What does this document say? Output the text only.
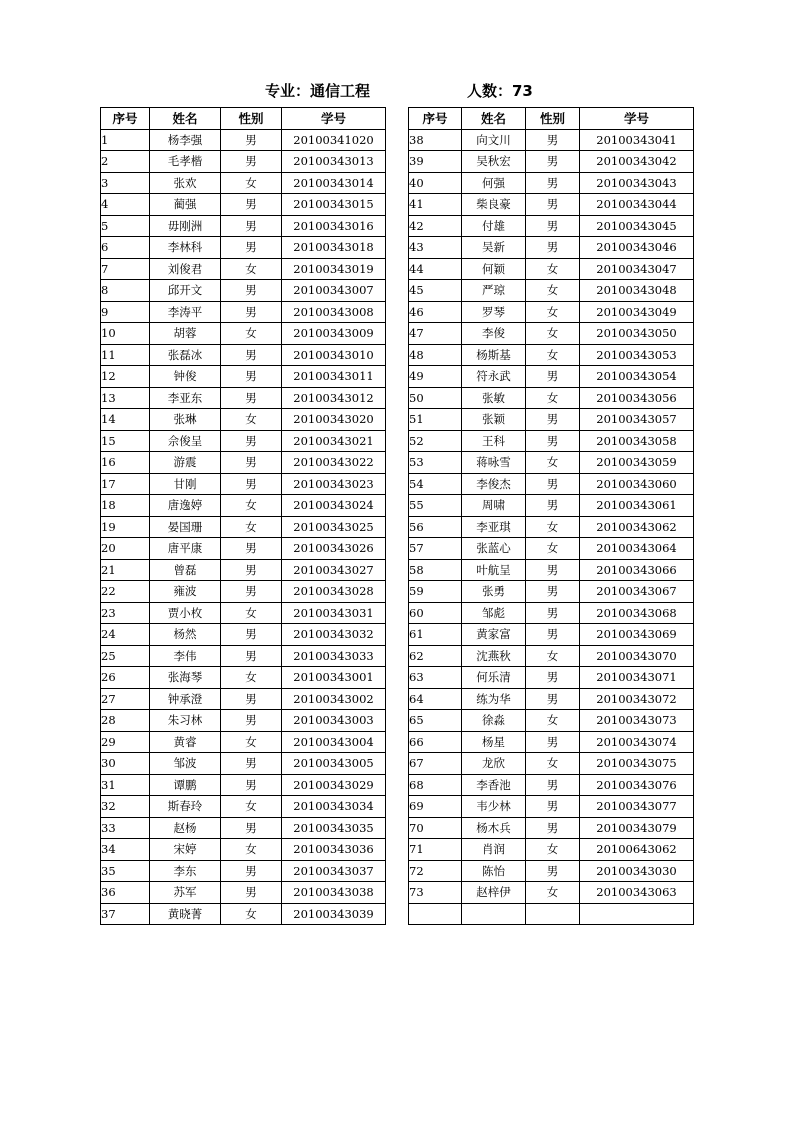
专业：通信工程	人数：73
序号	姓名	性别	学号
1	杨李强	男	20100341020
2	毛孝楷	男	20100343013
3	张欢	女	20100343014
4	蔺强	男	20100343015
5	毋刚洲	男	20100343016
6	李林科	男	20100343018
7	刘俊君	女	20100343019
8	邱开文	男	20100343007
9	李涛平	男	20100343008
10	胡蓉	女	20100343009
11	张磊冰	男	20100343010
12	钟俊	男	20100343011
13	李亚东	男	20100343012
14	张琳	女	20100343020
15	佘俊呈	男	20100343021
16	游震	男	20100343022
17	甘刚	男	20100343023
18	唐逸婷	女	20100343024
19	晏国珊	女	20100343025
20	唐平康	男	20100343026
21	曾磊	男	20100343027
22	雍波	男	20100343028
23	贾小枚	女	20100343031
24	杨然	男	20100343032
25	李伟	男	20100343033
26	张海琴	女	20100343001
27	钟承澄	男	20100343002
28	朱习林	男	20100343003
29	黄睿	女	20100343004
30	邹波	男	20100343005
31	谭鹏	男	20100343029
32	斯春玲	女	20100343034
33	赵杨	男	20100343035
34	宋婷	女	20100343036
35	李东	男	20100343037
36	苏军	男	20100343038
37	黄晓菁	女	20100343039
序号	姓名	性别	学号
38	向文川	男	20100343041
39	吴秋宏	男	20100343042
40	何强	男	20100343043
41	柴良豪	男	20100343044
42	付雄	男	20100343045
43	吴新	男	20100343046
44	何颖	女	20100343047
45	严琼	女	20100343048
46	罗琴	女	20100343049
47	李俊	女	20100343050
48	杨斯基	女	20100343053
49	符永武	男	20100343054
50	张敏	女	20100343056
51	张颖	男	20100343057
52	王科	男	20100343058
53	蒋咏雪	女	20100343059
54	李俊杰	男	20100343060
55	周啸	男	20100343061
56	李亚琪	女	20100343062
57	张蓝心	女	20100343064
58	叶航呈	男	20100343066
59	张勇	男	20100343067
60	邹彪	男	20100343068
61	黄家富	男	20100343069
62	沈燕秋	女	20100343070
63	何乐清	男	20100343071
64	练为华	男	20100343072
65	徐淼	女	20100343073
66	杨星	男	20100343074
67	龙欣	女	20100343075
68	李香池	男	20100343076
69	韦少林	男	20100343077
70	杨木兵	男	20100343079
71	肖润	女	20100643062
72	陈怡	男	20100343030
73	赵梓伊	女	20100343063
